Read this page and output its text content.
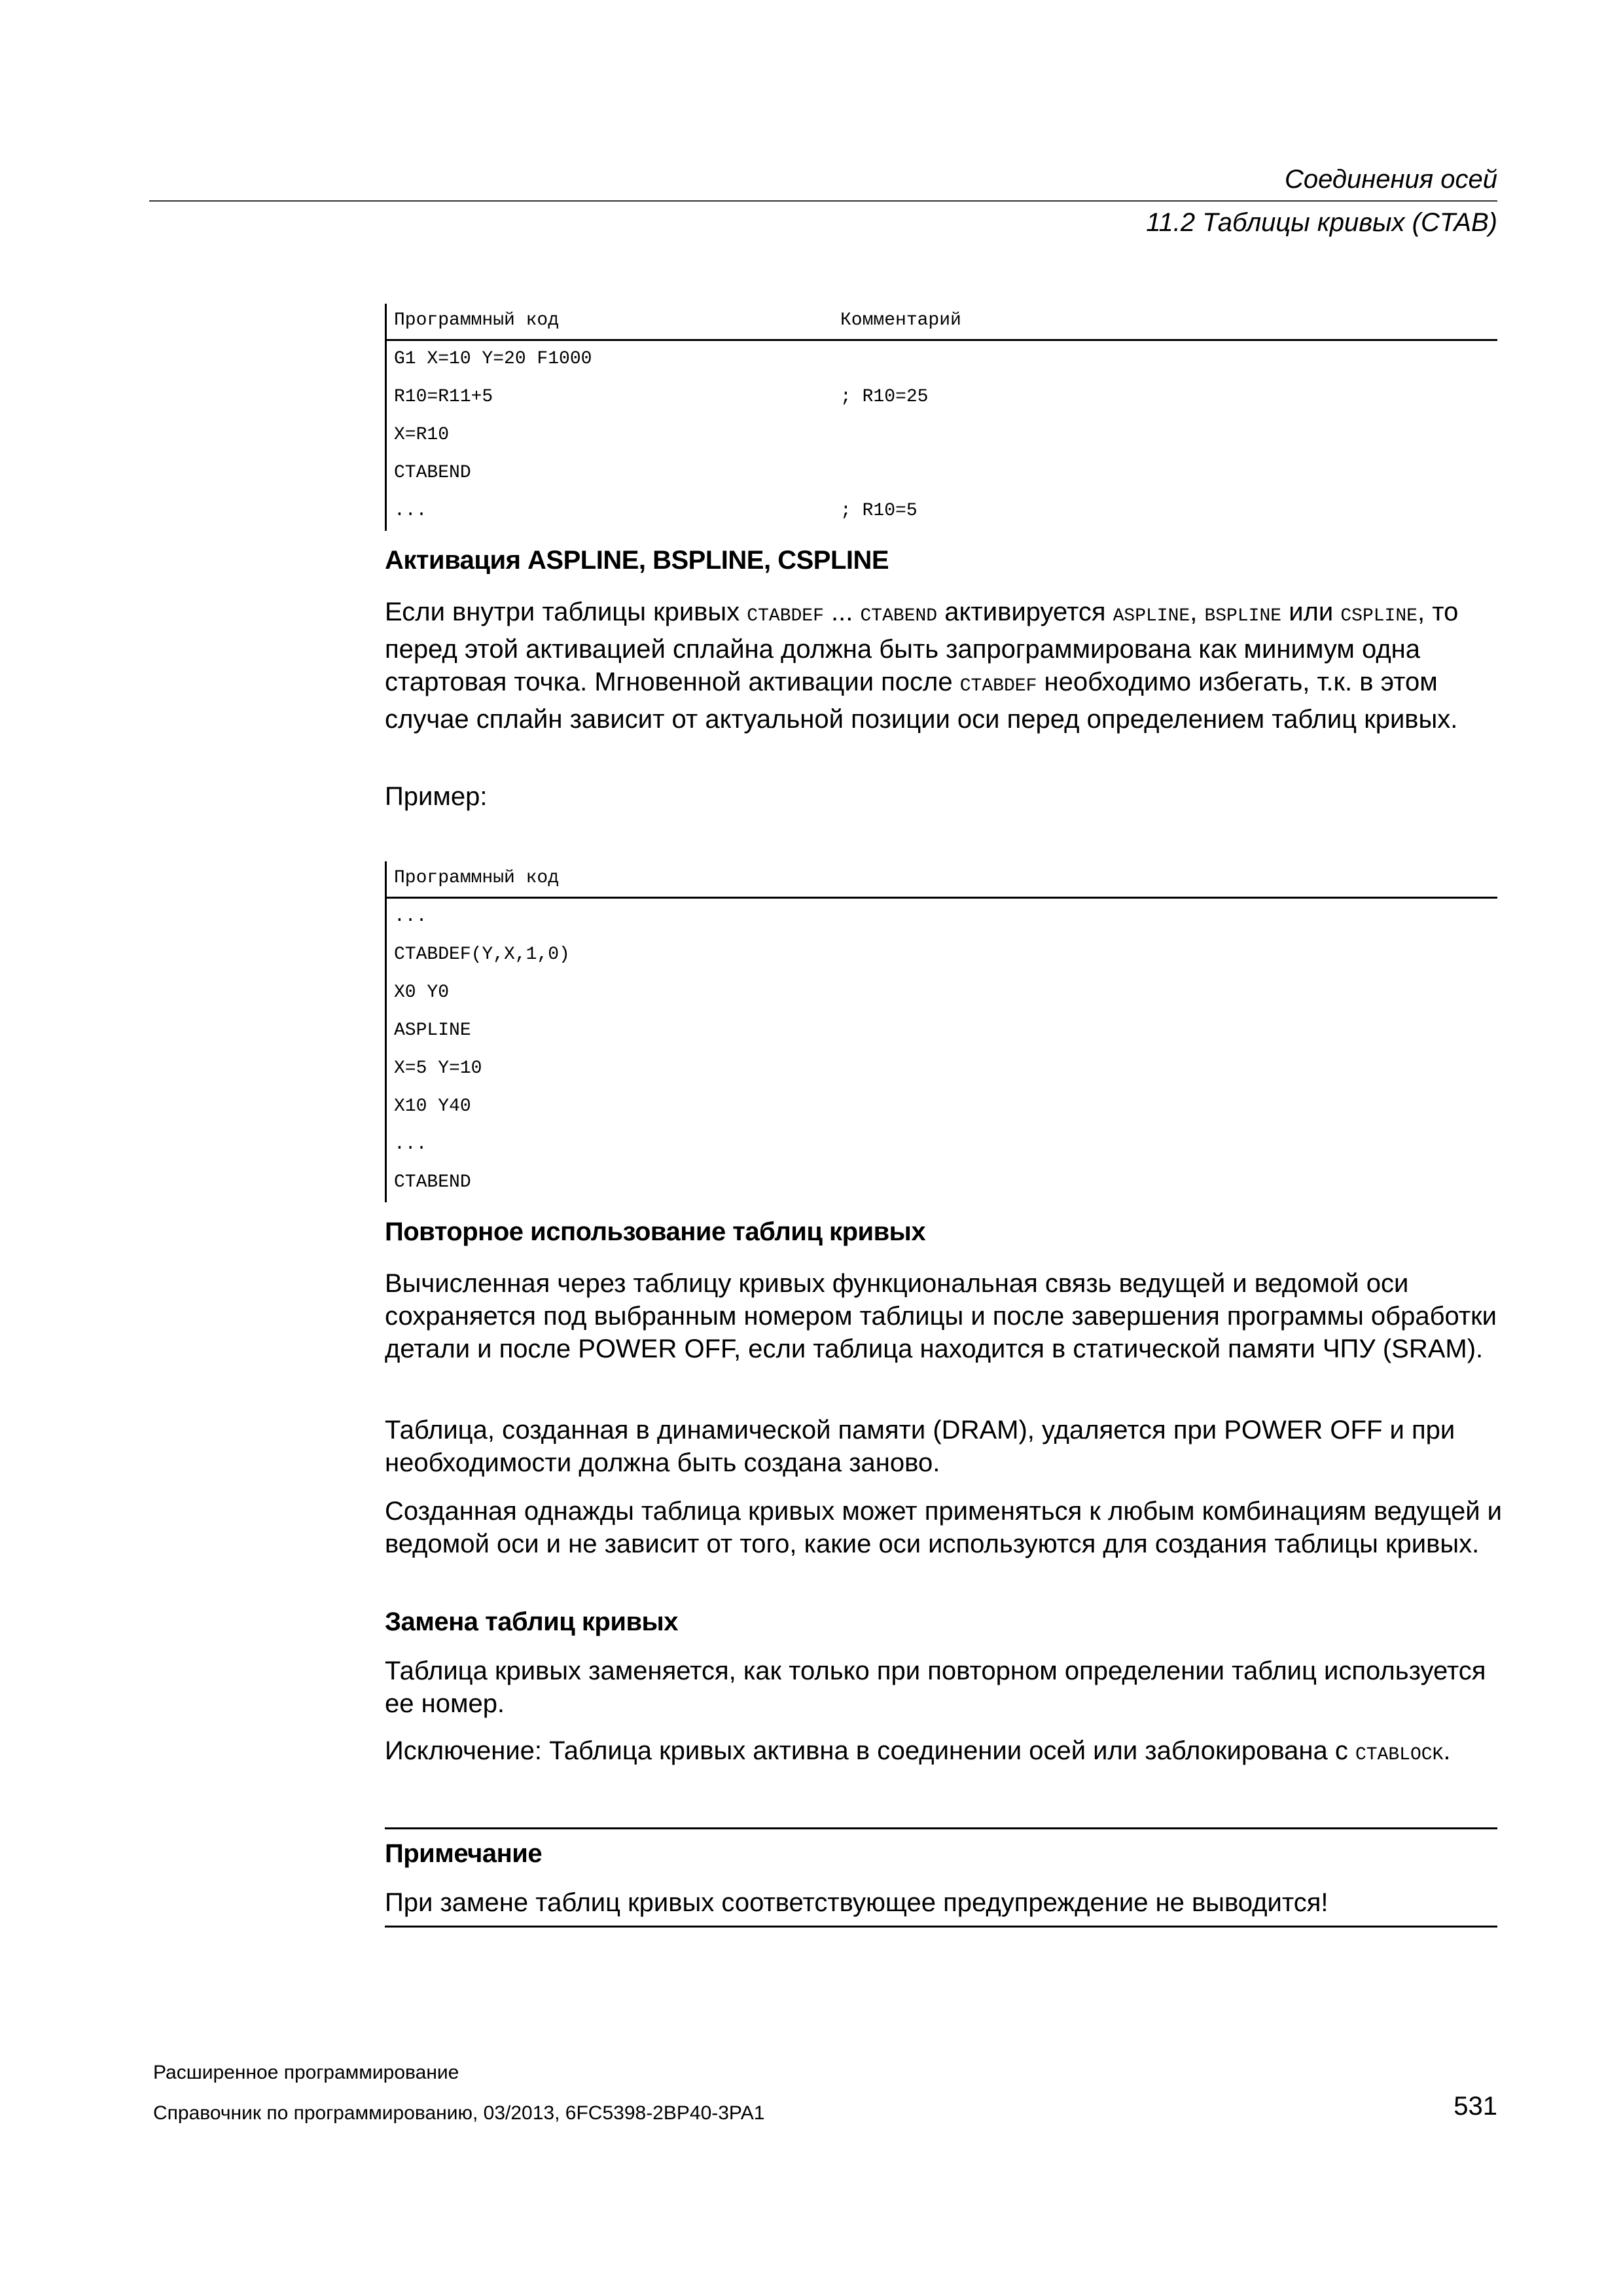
Соединения осей
11.2 Таблицы кривых (CTAB)
Программный код	Комментарий
G1 X=10 Y=20 F1000
R10=R11+5	; R10=25
X=R10
CTABEND
...	; R10=5
Активация ASPLINE, BSPLINE, CSPLINE
Если внутри таблицы кривых CTABDEF ... CTABEND активируется ASPLINE, BSPLINE или CSPLINE, то перед этой активацией сплайна должна быть запрограммирована как минимум одна стартовая точка. Мгновенной активации после CTABDEF необходимо избегать, т.к. в этом случае сплайн зависит от актуальной позиции оси перед определением таблиц кривых.
Пример:
Программный код
...
CTABDEF(Y,X,1,0)
X0 Y0
ASPLINE
X=5 Y=10
X10 Y40
...
CTABEND
Повторное использование таблиц кривых
Вычисленная через таблицу кривых функциональная связь ведущей и ведомой оси сохраняется под выбранным номером таблицы и после завершения программы обработки детали и после POWER OFF, если таблица находится в статической памяти ЧПУ (SRAM).
Таблица, созданная в динамической памяти (DRAM), удаляется при POWER OFF и при необходимости должна быть создана заново.
Созданная однажды таблица кривых может применяться к любым комбинациям ведущей и ведомой оси и не зависит от того, какие оси используются для создания таблицы кривых.
Замена таблиц кривых
Таблица кривых заменяется, как только при повторном определении таблиц используется ее номер.
Исключение: Таблица кривых активна в соединении осей или заблокирована с CTABLOCK.
Примечание
При замене таблиц кривых соответствующее предупреждение не выводится!
Расширенное программирование
Справочник по программированию, 03/2013, 6FC5398-2BP40-3PA1	531
